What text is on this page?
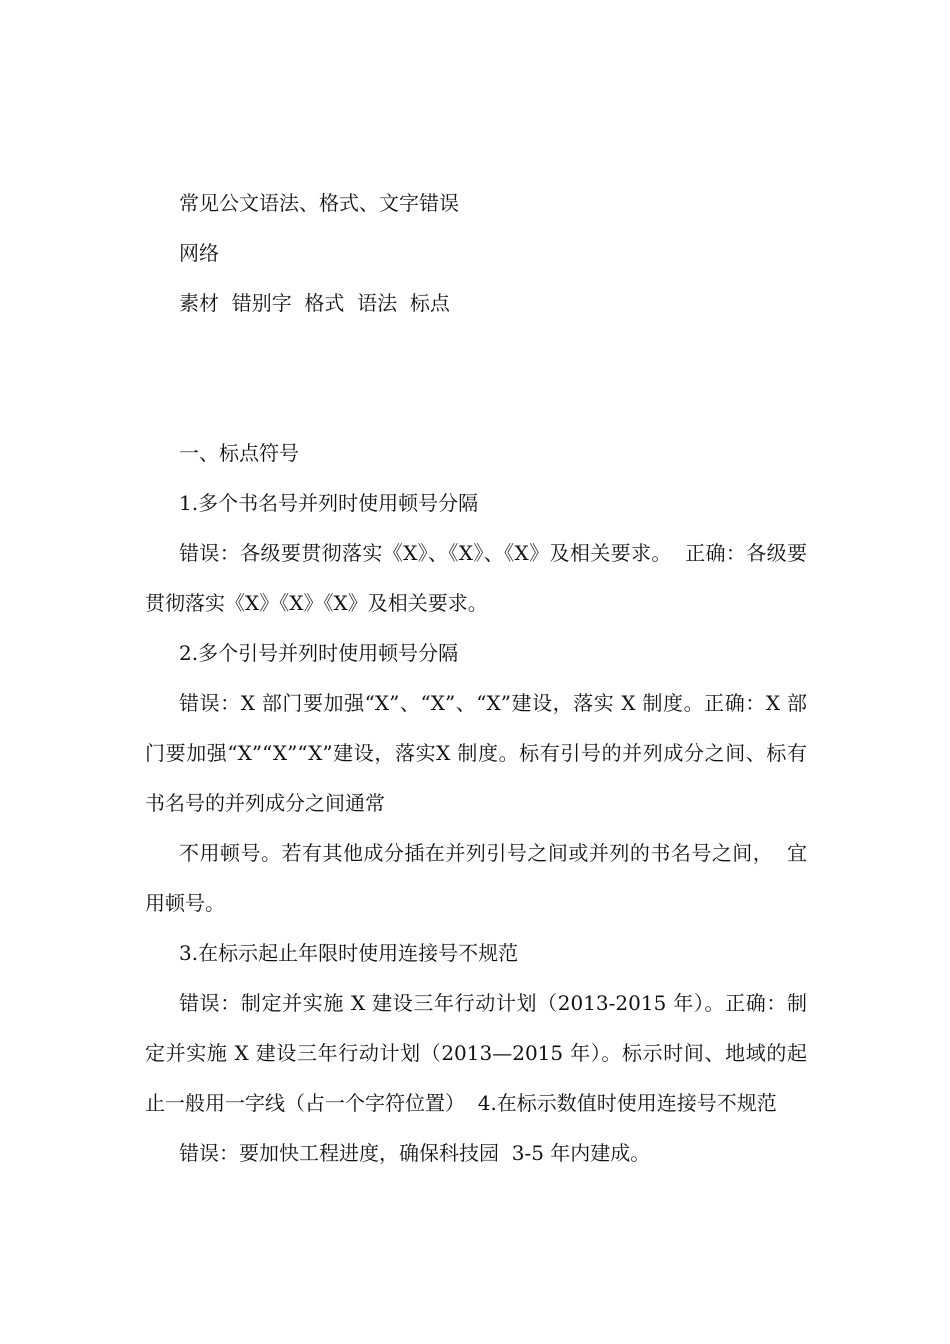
常见公文语法、格式、文字错误

网络

素材  错别字  格式  语法  标点

一、标点符号

1.多个书名号并列时使用顿号分隔

错误：各级要贯彻落实《X》、《X》、《X》及相关要求。  正确：各级要贯彻落实《X》《X》《X》及相关要求。

2.多个引号并列时使用顿号分隔

错误：X 部门要加强“X”、“X”、“X”建设，落实 X 制度。正确：X 部门要加强“X”“X”“X”建设，落实X 制度。标有引号的并列成分之间、标有书名号的并列成分之间通常

不用顿号。若有其他成分插在并列引号之间或并列的书名号之间，  宜用顿号。

3.在标示起止年限时使用连接号不规范

错误：制定并实施 X 建设三年行动计划（2013-2015 年）。正确：制定并实施 X 建设三年行动计划（2013—2015 年）。标示时间、地域的起止一般用一字线（占一个字符位置）  4.在标示数值时使用连接号不规范

错误：要加快工程进度，确保科技园  3-5 年内建成。
